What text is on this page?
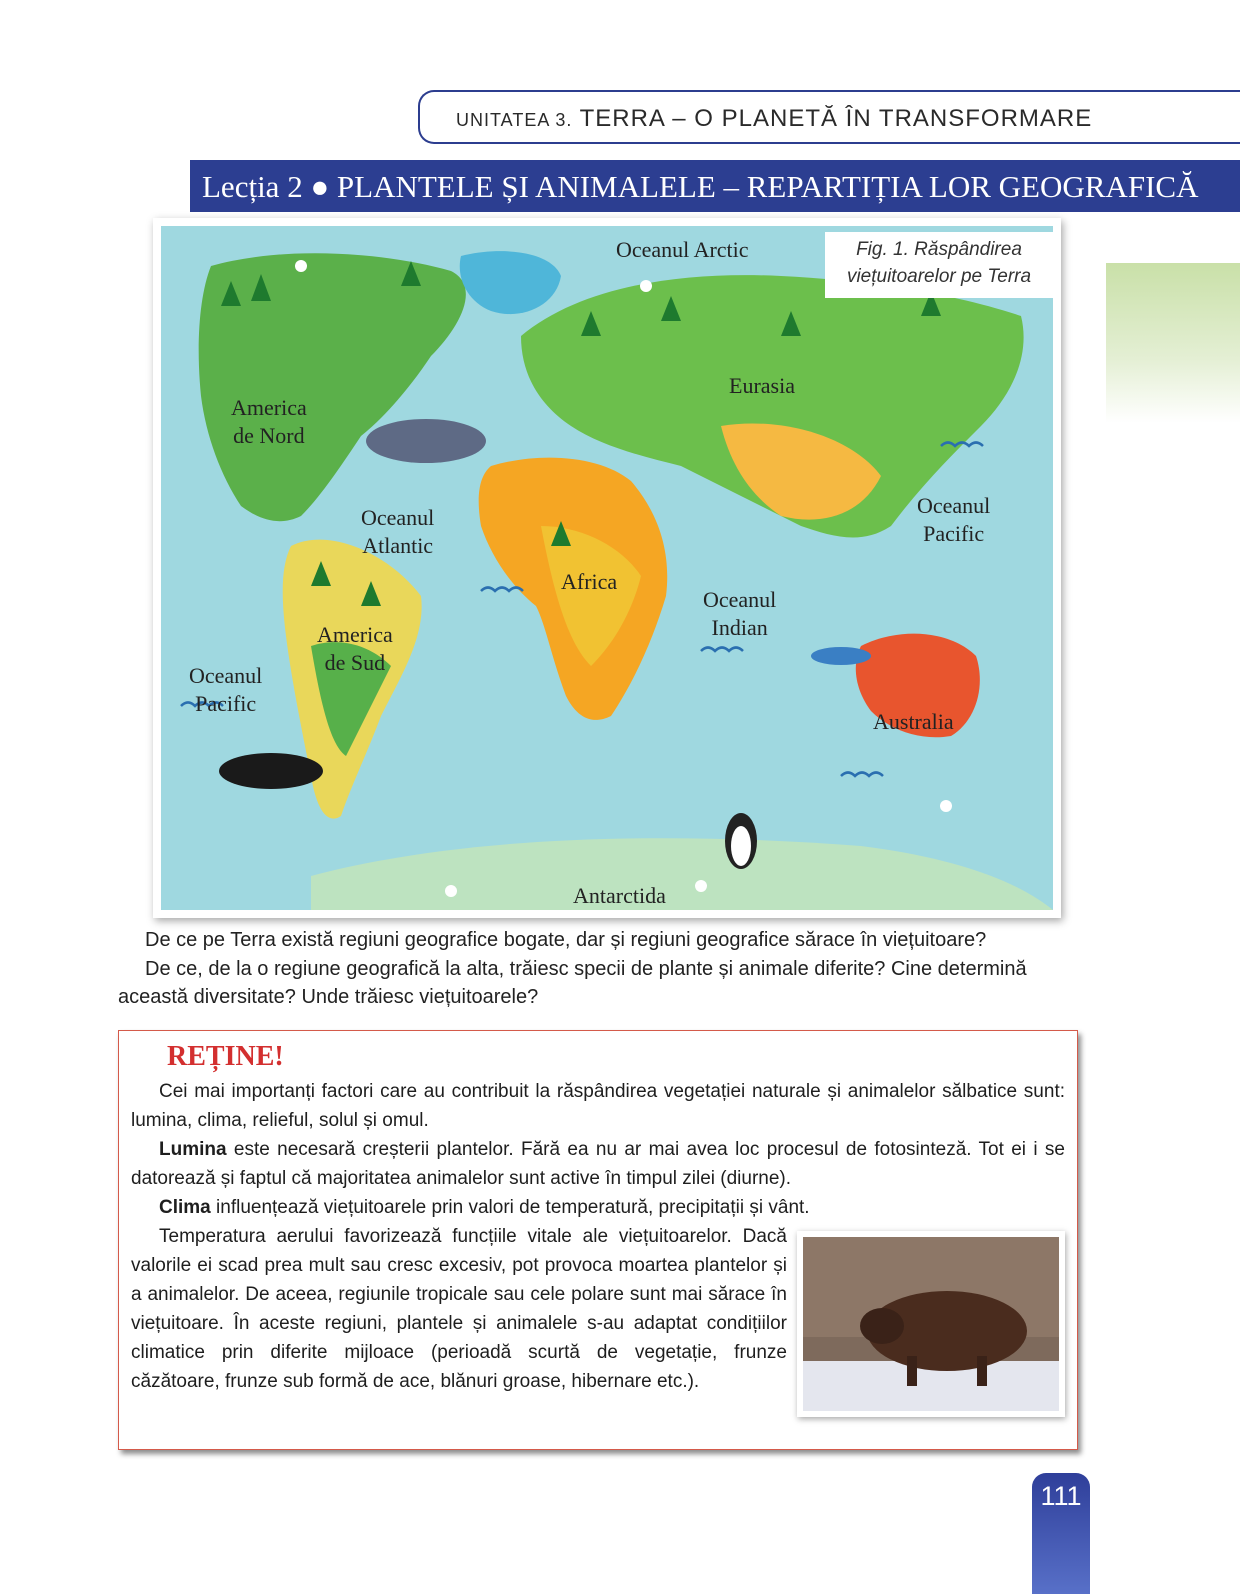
UNITATEA 3. TERRA – O PLANETĂ ÎN TRANSFORMARE
Lecția 2 ● PLANTELE ȘI ANIMALELE – REPARTIȚIA LOR GEOGRAFICĂ
Fig. 1. Răspândirea
viețuitoarelor pe Terra
Oceanul Arctic
America
de Nord
Oceanul
Atlantic
Eurasia
Oceanul
Pacific
Africa
Oceanul
Indian
America
de Sud
Oceanul
Pacific
Australia
Antarctida
De ce pe Terra există regiuni geografice bogate, dar și regiuni geografice sărace în viețuitoare?
De ce, de la o regiune geografică la alta, trăiesc specii de plante și animale diferite? Cine determină
această diversitate? Unde trăiesc viețuitoarele?
REȚINE!
Cei mai importanți factori care au contribuit la răspândirea vegetației naturale și animalelor sălbatice sunt: lumina, clima, relieful, solul și omul.
Lumina este necesară creșterii plantelor. Fără ea nu ar mai avea loc procesul de fotosinteză. Tot ei i se datorează și faptul că majoritatea animalelor sunt active în timpul zilei (diurne).
Clima influențează viețuitoarele prin valori de temperatură, precipitații și vânt.
Temperatura aerului favorizează funcțiile vitale ale viețuitoarelor. Dacă valorile ei scad prea mult sau cresc excesiv, pot provoca moartea plantelor și a animalelor. De aceea, regiunile tropicale sau cele polare sunt mai sărace în viețuitoare. În aceste regiuni, plantele și animalele s-au adaptat condițiilor climatice prin diferite mijloace (perioadă scurtă de vegetație, frunze căzătoare, frunze sub formă de ace, blănuri groase, hibernare etc.).
111
